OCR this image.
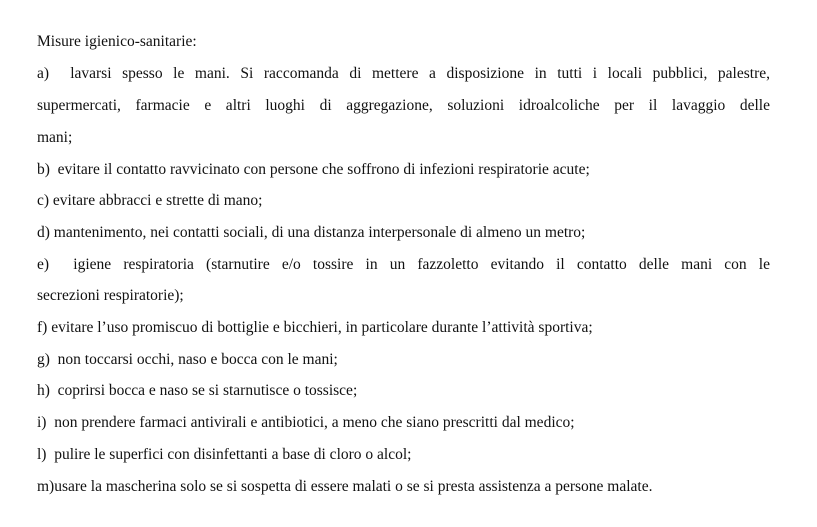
Misure igienico-sanitarie:
a)  lavarsi spesso le mani. Si raccomanda di mettere a disposizione in tutti i locali pubblici, palestre,
supermercati, farmacie e altri luoghi di aggregazione, soluzioni idroalcoliche per il lavaggio delle
mani;
b)  evitare il contatto ravvicinato con persone che soffrono di infezioni respiratorie acute;
c) evitare abbracci e strette di mano;
d) mantenimento, nei contatti sociali, di una distanza interpersonale di almeno un metro;
e)  igiene respiratoria (starnutire e/o tossire in un fazzoletto evitando il contatto delle mani con le
secrezioni respiratorie);
f) evitare l’uso promiscuo di bottiglie e bicchieri, in particolare durante l’attività sportiva;
g)  non toccarsi occhi, naso e bocca con le mani;
h)  coprirsi bocca e naso se si starnutisce o tossisce;
i)  non prendere farmaci antivirali e antibiotici, a meno che siano prescritti dal medico;
l)  pulire le superfici con disinfettanti a base di cloro o alcol;
m)usare la mascherina solo se si sospetta di essere malati o se si presta assistenza a persone malate.
